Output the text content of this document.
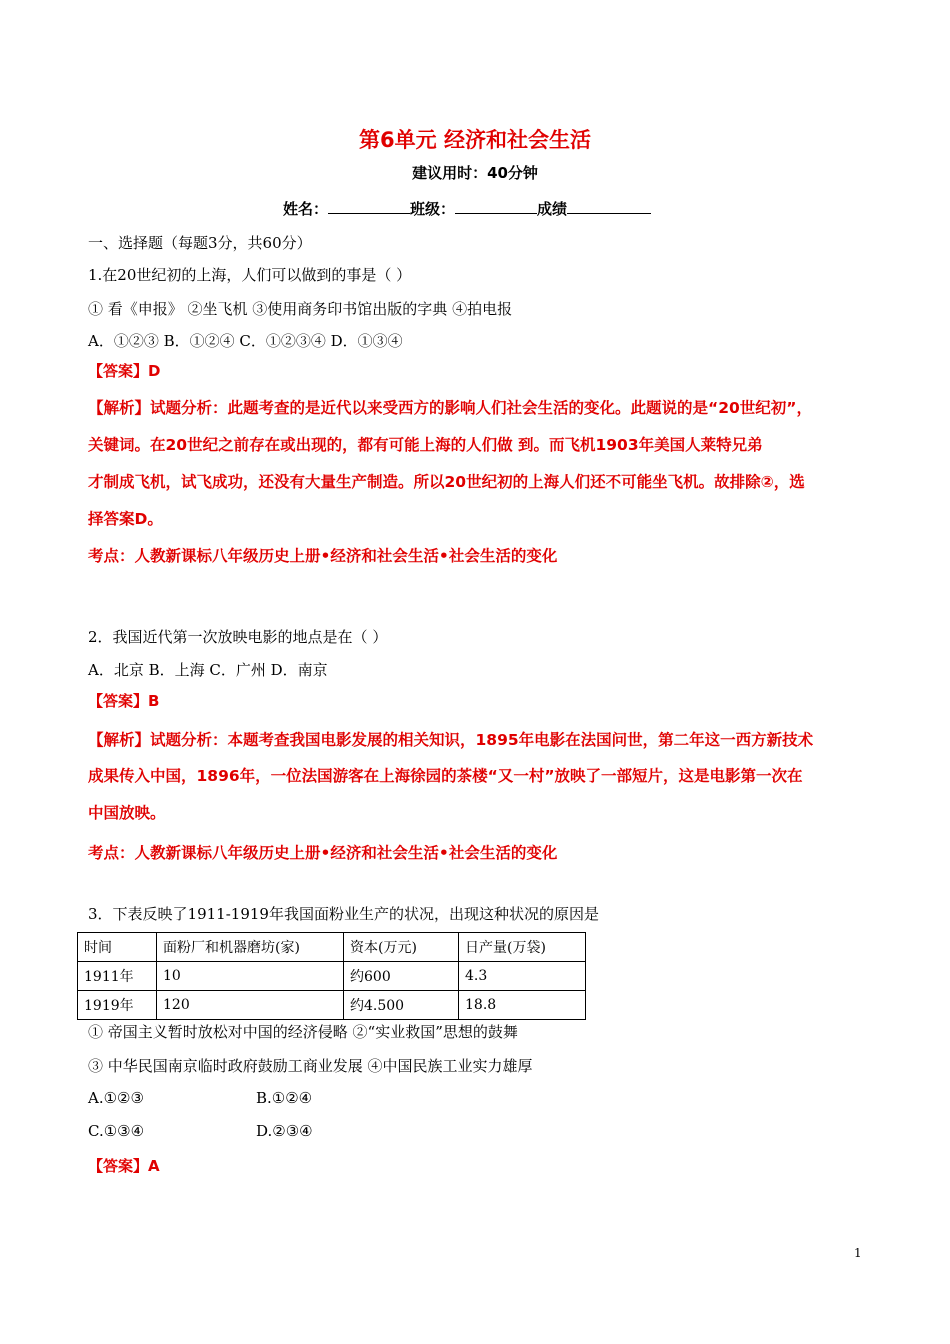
第6单元 经济和社会生活
建议用时：40分钟
姓名：	班级：	成绩
一、选择题（每题3分，共60分）
1.在20世纪初的上海，人们可以做到的事是（ ）
① 看《申报》 ②坐飞机 ③使用商务印书馆出版的字典 ④拍电报
A．①②③ B．①②④ C．①②③④ D．①③④
【答案】D
【解析】试题分析：此题考查的是近代以来受西方的影响人们社会生活的变化。此题说的是“20世纪初”，
关键词。在20世纪之前存在或出现的，都有可能上海的人们做 到。而飞机1903年美国人莱特兄弟
才制成飞机，试飞成功，还没有大量生产制造。所以20世纪初的上海人们还不可能坐飞机。故排除②，选
择答案D。
考点：人教新课标八年级历史上册•经济和社会生活•社会生活的变化
2．我国近代第一次放映电影的地点是在（ ）
A．北京 B．上海 C．广州 D．南京
【答案】B
【解析】试题分析：本题考查我国电影发展的相关知识，1895年电影在法国问世，第二年这一西方新技术
成果传入中国，1896年，一位法国游客在上海徐园的茶楼“又一村”放映了一部短片，这是电影第一次在
中国放映。
考点：人教新课标八年级历史上册•经济和社会生活•社会生活的变化
3．下表反映了1911-1919年我国面粉业生产的状况，出现这种状况的原因是
时间	面粉厂和机器磨坊(家)	资本(万元)	日产量(万袋)
1911年	10	约600	4.3
1919年	120	约4.500	18.8
① 帝国主义暂时放松对中国的经济侵略 ②“实业救国”思想的鼓舞
③ 中华民国南京临时政府鼓励工商业发展 ④中国民族工业实力雄厚
A.①②③	B.①②④
C.①③④	D.②③④
【答案】A
1
